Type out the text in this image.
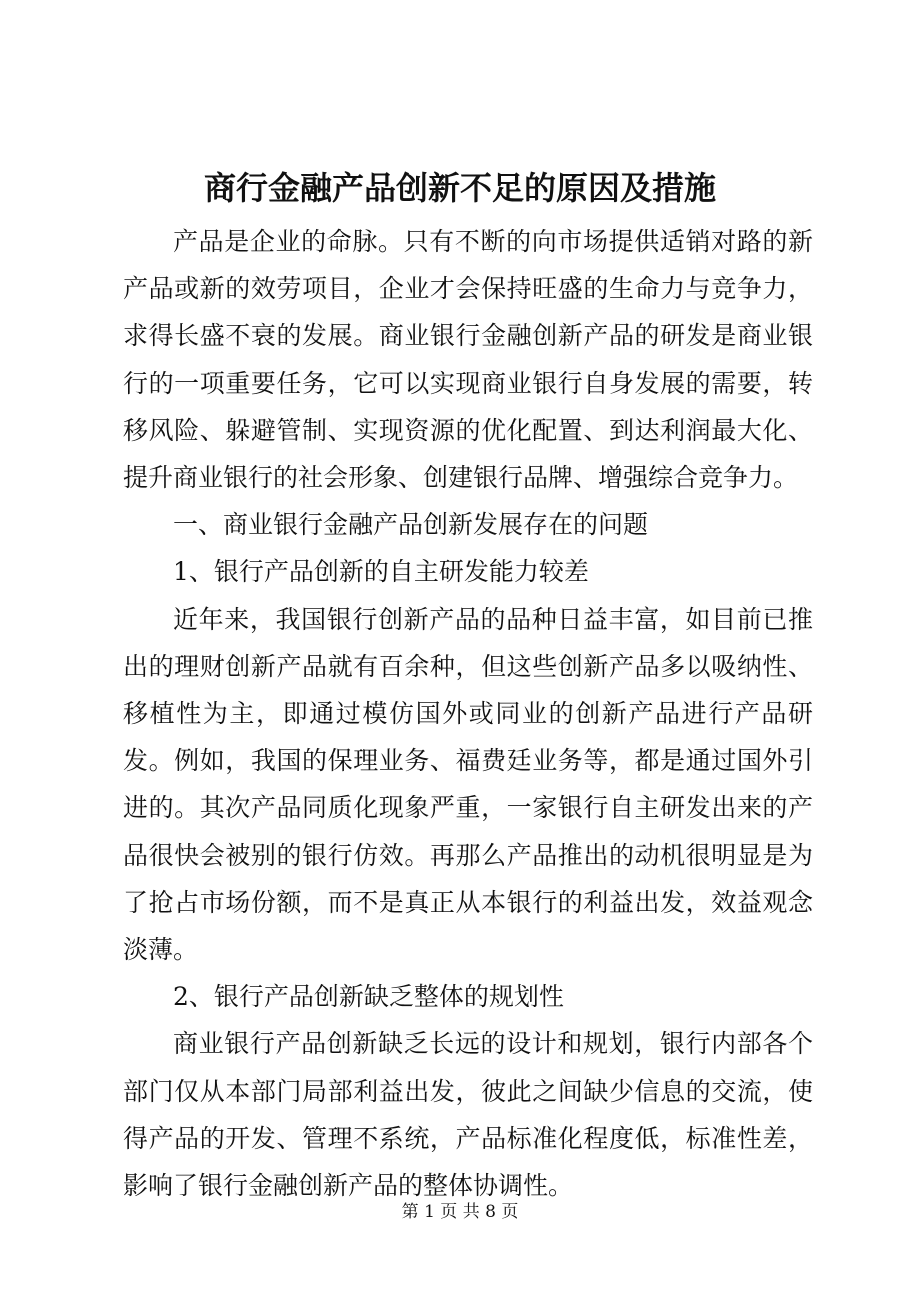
商行金融产品创新不足的原因及措施

产品是企业的命脉。只有不断的向市场提供适销对路的新产品或新的效劳项目，企业才会保持旺盛的生命力与竞争力，求得长盛不衰的发展。商业银行金融创新产品的研发是商业银行的一项重要任务，它可以实现商业银行自身发展的需要，转移风险、躲避管制、实现资源的优化配置、到达利润最大化、提升商业银行的社会形象、创建银行品牌、增强综合竞争力。

一、商业银行金融产品创新发展存在的问题

1、银行产品创新的自主研发能力较差

近年来，我国银行创新产品的品种日益丰富，如目前已推出的理财创新产品就有百余种，但这些创新产品多以吸纳性、移植性为主，即通过模仿国外或同业的创新产品进行产品研发。例如，我国的保理业务、福费廷业务等，都是通过国外引进的。其次产品同质化现象严重，一家银行自主研发出来的产品很快会被别的银行仿效。再那么产品推出的动机很明显是为了抢占市场份额，而不是真正从本银行的利益出发，效益观念淡薄。

2、银行产品创新缺乏整体的规划性

商业银行产品创新缺乏长远的设计和规划，银行内部各个部门仅从本部门局部利益出发，彼此之间缺少信息的交流，使得产品的开发、管理不系统，产品标准化程度低，标准性差，影响了银行金融创新产品的整体协调性。

第 1 页 共 8 页
